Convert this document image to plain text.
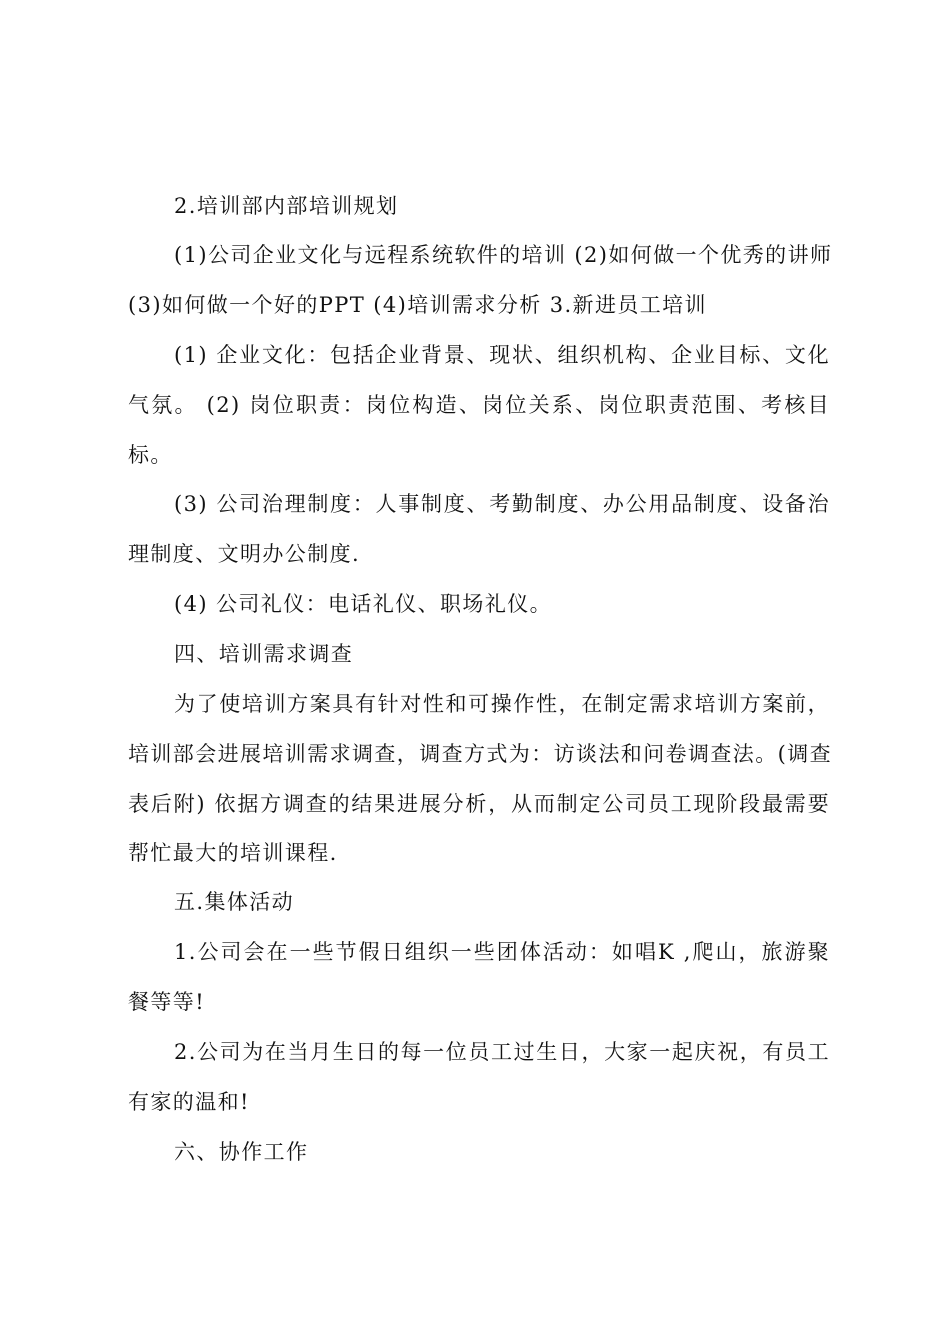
2.培训部内部培训规划
(1)公司企业文化与远程系统软件的培训 (2)如何做一个优秀的讲师
(3)如何做一个好的PPT (4)培训需求分析 3.新进员工培训
(1) 企业文化：包括企业背景、现状、组织机构、企业目标、文化
气氛。 (2) 岗位职责：岗位构造、岗位关系、岗位职责范围、考核目
标。
(3) 公司治理制度：人事制度、考勤制度、办公用品制度、设备治
理制度、文明办公制度.
(4) 公司礼仪：电话礼仪、职场礼仪。
四、培训需求调查
为了使培训方案具有针对性和可操作性，在制定需求培训方案前，
培训部会进展培训需求调查，调查方式为：访谈法和问卷调查法。(调查
表后附) 依据方调查的结果进展分析，从而制定公司员工现阶段最需要
帮忙最大的培训课程.
五.集体活动
1.公司会在一些节假日组织一些团体活动：如唱K ,爬山，旅游聚
餐等等!
2.公司为在当月生日的每一位员工过生日，大家一起庆祝，有员工
有家的温和!
六、协作工作
